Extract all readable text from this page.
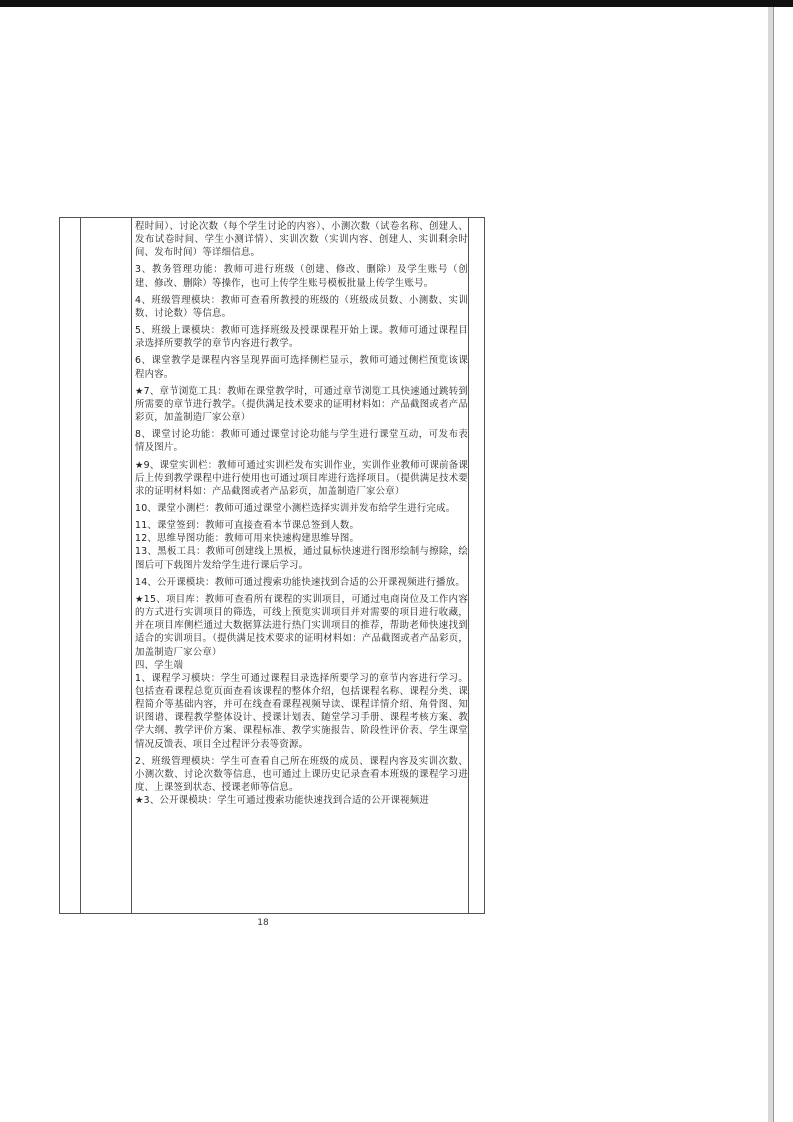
程时间）、讨论次数（每个学生讨论的内容）、小测次数（试卷名称、创建人、发布试卷时间、学生小测详情）、实训次数（实训内容、创建人、实训剩余时间、发布时间）等详细信息。

3、教务管理功能：教师可进行班级（创建、修改、删除）及学生账号（创建、修改、删除）等操作，也可上传学生账号模板批量上传学生账号。

4、班级管理模块：教师可查看所教授的班级的（班级成员数、小测数、实训数、讨论数）等信息。

5、班级上课模块：教师可选择班级及授课课程开始上课。教师可通过课程目录选择所要教学的章节内容进行教学。

6、课堂教学是课程内容呈现界面可选择侧栏显示，教师可通过侧栏预览该课程内容。

★7、章节浏览工具：教师在课堂教学时，可通过章节浏览工具快速通过跳转到所需要的章节进行教学。（提供满足技术要求的证明材料如：产品截图或者产品彩页，加盖制造厂家公章）

8、课堂讨论功能：教师可通过课堂讨论功能与学生进行课堂互动，可发布表情及图片。

★9、课堂实训栏：教师可通过实训栏发布实训作业，实训作业教师可课前备课后上传到教学课程中进行使用也可通过项目库进行选择项目。（提供满足技术要求的证明材料如：产品截图或者产品彩页，加盖制造厂家公章）

10、课堂小测栏：教师可通过课堂小测栏选择实训并发布给学生进行完成。

11、课堂签到：教师可直接查看本节课总签到人数。

12、思维导图功能：教师可用来快速构建思维导图。

13、黑板工具：教师可创建线上黑板，通过鼠标快速进行图形绘制与擦除，绘图后可下载图片发给学生进行课后学习。

14、公开课模块：教师可通过搜索功能快速找到合适的公开课视频进行播放。

★15、项目库：教师可查看所有课程的实训项目，可通过电商岗位及工作内容的方式进行实训项目的筛选，可线上预览实训项目并对需要的项目进行收藏，并在项目库侧栏通过大数据算法进行热门实训项目的推荐，帮助老师快速找到适合的实训项目。（提供满足技术要求的证明材料如：产品截图或者产品彩页，加盖制造厂家公章）

四、学生端

1、课程学习模块：学生可通过课程目录选择所要学习的章节内容进行学习。包括查看课程总览页面查看该课程的整体介绍，包括课程名称、课程分类、课程简介等基础内容，并可在线查看课程视频导读、课程详情介绍、角骨图、知识图谱、课程教学整体设计、授课计划表、随堂学习手册、课程考核方案、教学大纲、教学评价方案、课程标准、教学实施报告、阶段性评价表、学生课堂情况反馈表、项目全过程评分表等资源。

2、班级管理模块：学生可查看自己所在班级的成员、课程内容及实训次数、小测次数、讨论次数等信息，也可通过上课历史记录查看本班级的课程学习进度、上课签到状态、授课老师等信息。

★3、公开课模块：学生可通过搜索功能快速找到合适的公开课视频进

18
